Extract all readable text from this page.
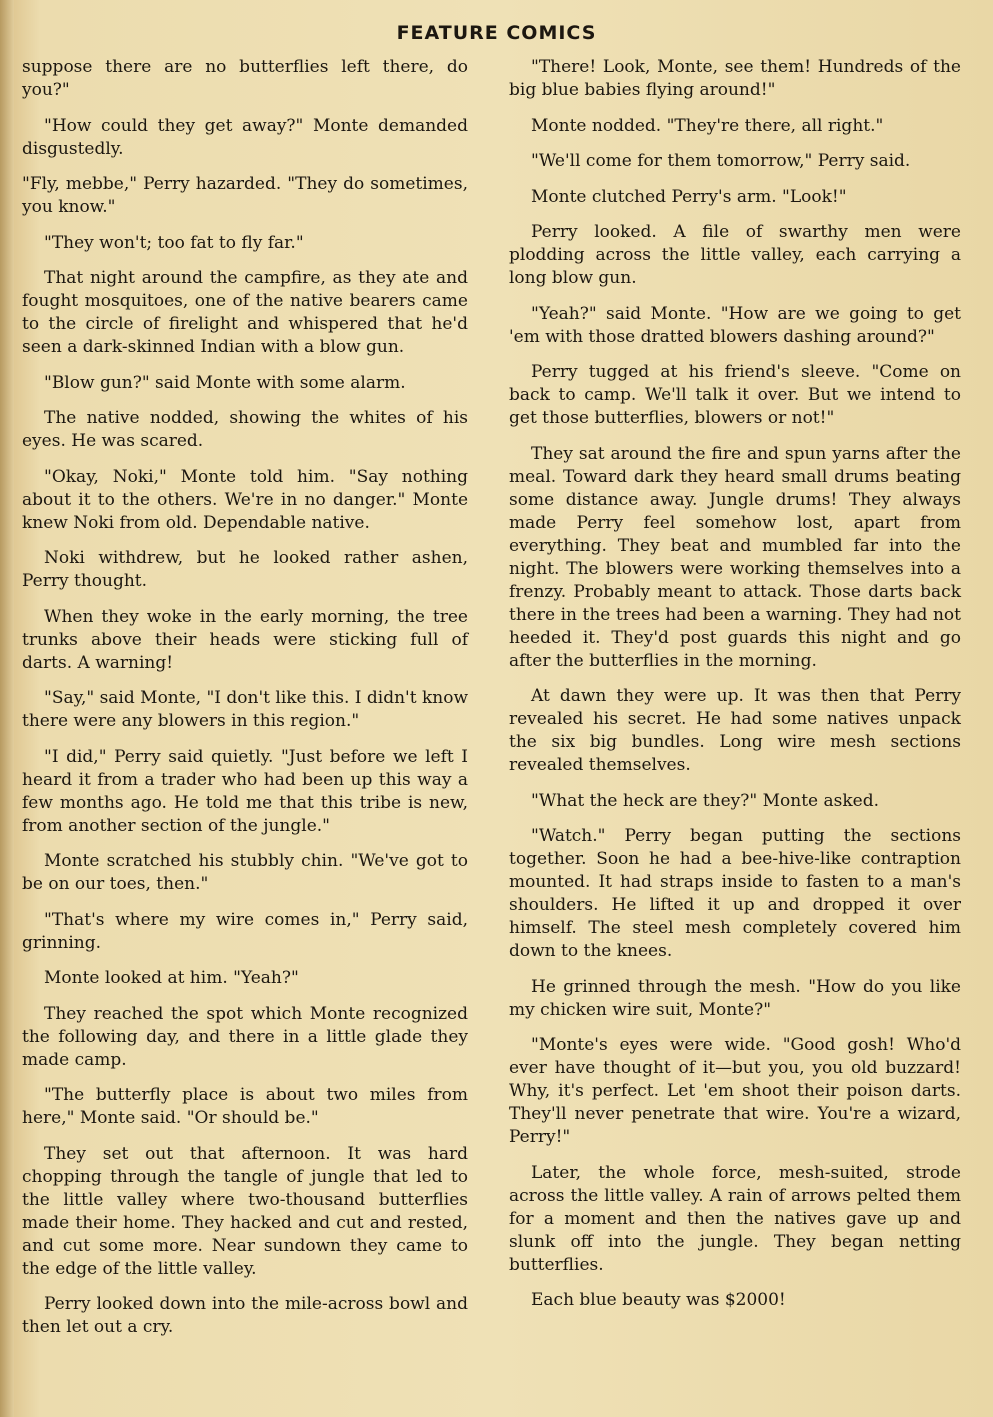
FEATURE COMICS

suppose there are no butterflies left there, do you?"

"How could they get away?" Monte demanded disgustedly.

"Fly, mebbe," Perry hazarded. "They do sometimes, you know."

"They won't; too fat to fly far."

That night around the campfire, as they ate and fought mosquitoes, one of the native bearers came to the circle of firelight and whispered that he'd seen a dark-skinned Indian with a blow gun.

"Blow gun?" said Monte with some alarm.

The native nodded, showing the whites of his eyes. He was scared.

"Okay, Noki," Monte told him. "Say nothing about it to the others. We're in no danger." Monte knew Noki from old. Dependable native.

Noki withdrew, but he looked rather ashen, Perry thought.

When they woke in the early morning, the tree trunks above their heads were sticking full of darts. A warning!

"Say," said Monte, "I don't like this. I didn't know there were any blowers in this region."

"I did," Perry said quietly. "Just before we left I heard it from a trader who had been up this way a few months ago. He told me that this tribe is new, from another section of the jungle."

Monte scratched his stubbly chin. "We've got to be on our toes, then."

"That's where my wire comes in," Perry said, grinning.

Monte looked at him. "Yeah?"

They reached the spot which Monte recognized the following day, and there in a little glade they made camp.

"The butterfly place is about two miles from here," Monte said. "Or should be."

They set out that afternoon. It was hard chopping through the tangle of jungle that led to the little valley where two-thousand butterflies made their home. They hacked and cut and rested, and cut some more. Near sundown they came to the edge of the little valley.

Perry looked down into the mile-across bowl and then let out a cry.

"There! Look, Monte, see them! Hundreds of the big blue babies flying around!"

Monte nodded. "They're there, all right."

"We'll come for them tomorrow," Perry said.

Monte clutched Perry's arm. "Look!"

Perry looked. A file of swarthy men were plodding across the little valley, each carrying a long blow gun.

"Yeah?" said Monte. "How are we going to get 'em with those dratted blowers dashing around?"

Perry tugged at his friend's sleeve. "Come on back to camp. We'll talk it over. But we intend to get those butterflies, blowers or not!"

They sat around the fire and spun yarns after the meal. Toward dark they heard small drums beating some distance away. Jungle drums! They always made Perry feel somehow lost, apart from everything. They beat and mumbled far into the night. The blowers were working themselves into a frenzy. Probably meant to attack. Those darts back there in the trees had been a warning. They had not heeded it. They'd post guards this night and go after the butterflies in the morning.

At dawn they were up. It was then that Perry revealed his secret. He had some natives unpack the six big bundles. Long wire mesh sections revealed themselves.

"What the heck are they?" Monte asked.

"Watch." Perry began putting the sections together. Soon he had a bee-hive-like contraption mounted. It had straps inside to fasten to a man's shoulders. He lifted it up and dropped it over himself. The steel mesh completely covered him down to the knees.

He grinned through the mesh. "How do you like my chicken wire suit, Monte?"

"Monte's eyes were wide. "Good gosh! Who'd ever have thought of it—but you, you old buzzard! Why, it's perfect. Let 'em shoot their poison darts. They'll never penetrate that wire. You're a wizard, Perry!"

Later, the whole force, mesh-suited, strode across the little valley. A rain of arrows pelted them for a moment and then the natives gave up and slunk off into the jungle. They began netting butterflies.

Each blue beauty was $2000!
